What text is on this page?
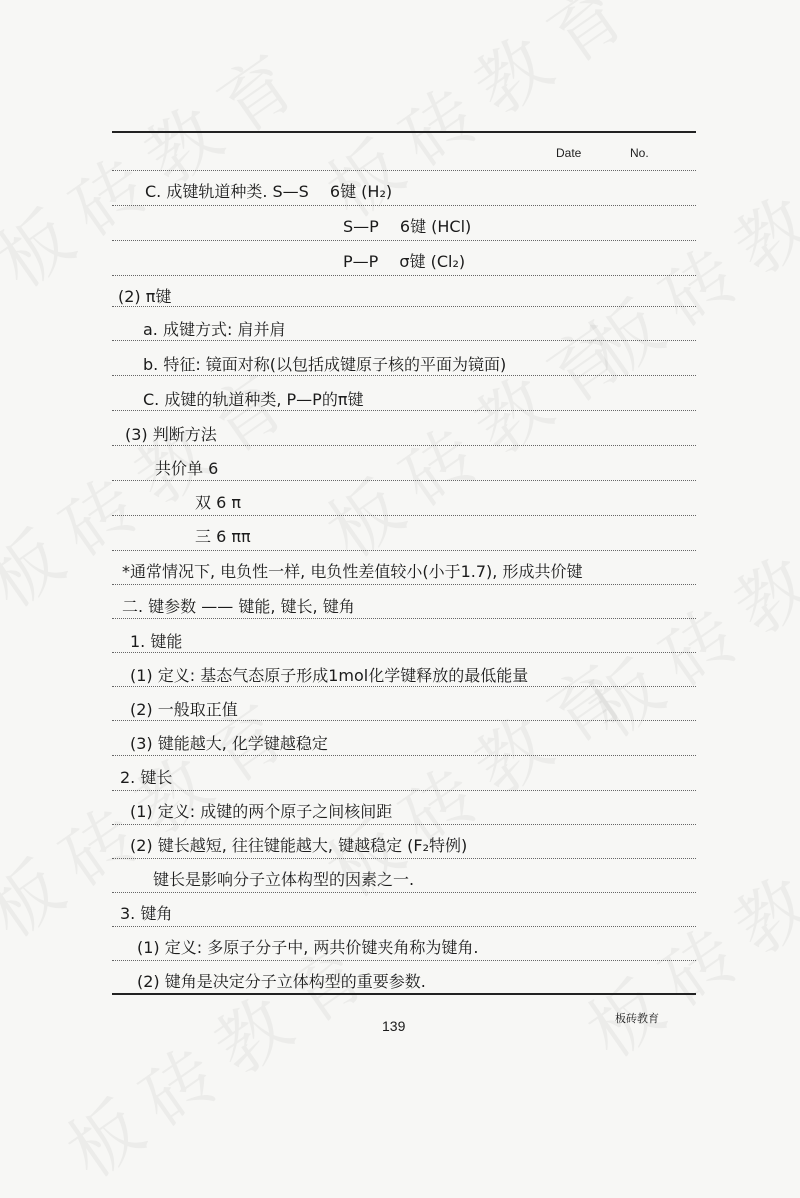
Date	No.
C. 成键轨道种类. S—S　 6键 (H₂)
S—P　 6键 (HCl)
P—P　 σ键 (Cl₂)
(2) π键
a. 成键方式: 肩并肩
b. 特征: 镜面对称(以包括成键原子核的平面为镜面)
C. 成键的轨道种类, P—P的π键
(3) 判断方法
共价单 6
双 6 π
三 6 ππ
*通常情况下, 电负性一样, 电负性差值较小(小于1.7), 形成共价键
二. 键参数 —— 键能, 键长, 键角
1. 键能
(1) 定义: 基态气态原子形成1mol化学键释放的最低能量
(2) 一般取正值
(3) 键能越大, 化学键越稳定
2. 键长
(1) 定义: 成键的两个原子之间核间距
(2) 键长越短, 往往键能越大, 键越稳定 (F₂特例)
键长是影响分子立体构型的因素之一.
3. 键角
(1) 定义: 多原子分子中, 两共价键夹角称为键角.
(2) 键角是决定分子立体构型的重要参数.
139	板砖教育
